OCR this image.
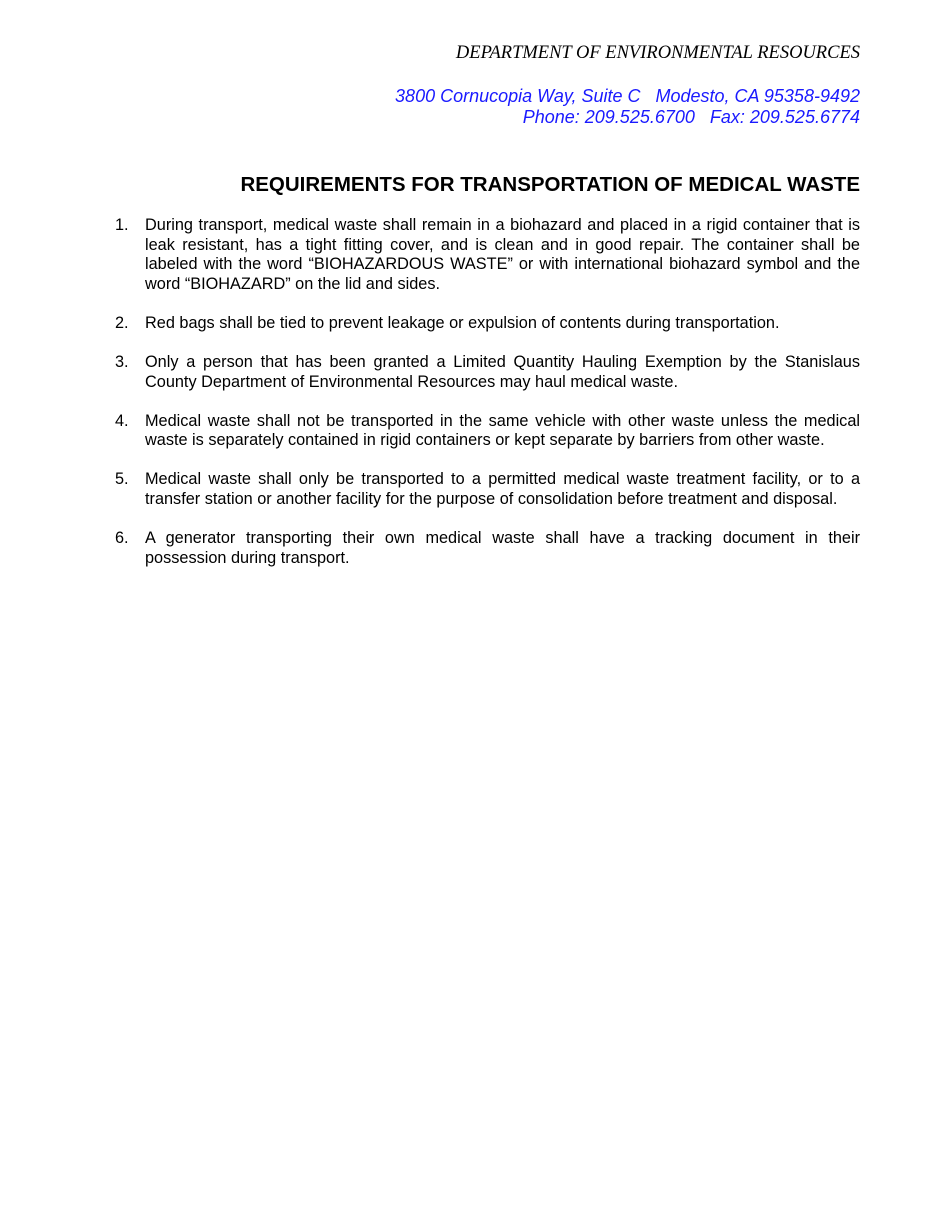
DEPARTMENT OF ENVIRONMENTAL RESOURCES
3800 Cornucopia Way, Suite C   Modesto, CA 95358-9492
Phone: 209.525.6700   Fax: 209.525.6774
REQUIREMENTS FOR TRANSPORTATION OF MEDICAL WASTE
1. During transport, medical waste shall remain in a biohazard and placed in a rigid container that is leak resistant, has a tight fitting cover, and is clean and in good repair. The container shall be labeled with the word “BIOHAZARDOUS WASTE” or with international biohazard symbol and the word “BIOHAZARD” on the lid and sides.
2. Red bags shall be tied to prevent leakage or expulsion of contents during transportation.
3. Only a person that has been granted a Limited Quantity Hauling Exemption by the Stanislaus County Department of Environmental Resources may haul medical waste.
4. Medical waste shall not be transported in the same vehicle with other waste unless the medical waste is separately contained in rigid containers or kept separate by barriers from other waste.
5. Medical waste shall only be transported to a permitted medical waste treatment facility, or to a transfer station or another facility for the purpose of consolidation before treatment and disposal.
6. A generator transporting their own medical waste shall have a tracking document in their possession during transport.
